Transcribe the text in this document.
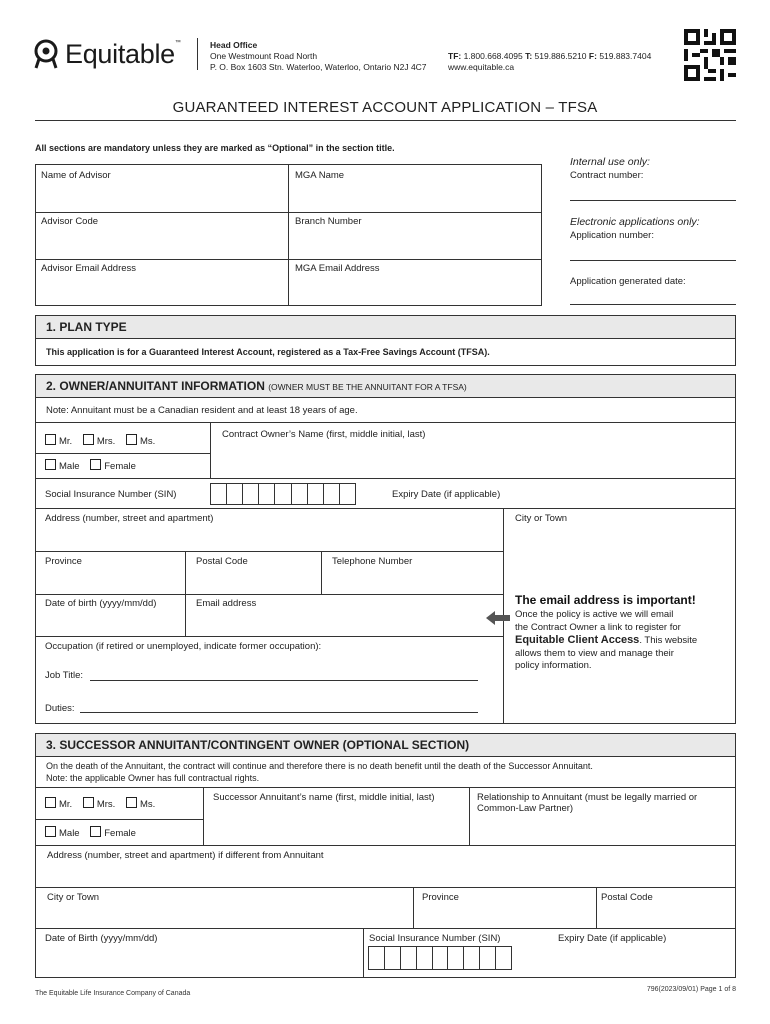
Equitable ™	Head Office
One Westmount Road North
P. O. Box 1603 Stn. Waterloo, Waterloo, Ontario N2J 4C7
TF: 1.800.668.4095 T: 519.886.5210 F: 519.883.7404
www.equitable.ca
GUARANTEED INTEREST ACCOUNT APPLICATION – TFSA
All sections are mandatory unless they are marked as “Optional” in the section title.
Name of Advisor	MGA Name
Advisor Code	Branch Number
Advisor Email Address	MGA Email Address
Internal use only:
Contract number:
Electronic applications only:
Application number:
Application generated date:
1. PLAN TYPE
This application is for a Guaranteed Interest Account, registered as a Tax-Free Savings Account (TFSA).
2. OWNER/ANNUITANT INFORMATION (OWNER MUST BE THE ANNUITANT FOR A TFSA)
Note: Annuitant must be a Canadian resident and at least 18 years of age.
Mr.	Mrs.	Ms.
Male	Female
Contract Owner’s Name (first, middle initial, last)
Social Insurance Number (SIN)	Expiry Date (if applicable)
Address (number, street and apartment)	City or Town
Province	Postal Code	Telephone Number
Date of birth (yyyy/mm/dd)	Email address	The email address is important!
Once the policy is active we will email
the Contract Owner a link to register for
Equitable Client Access. This website
allows them to view and manage their
policy information.
Occupation (if retired or unemployed, indicate former occupation):
Job Title:
Duties:
3. SUCCESSOR ANNUITANT/CONTINGENT OWNER (OPTIONAL SECTION)
On the death of the Annuitant, the contract will continue and therefore there is no death benefit until the death of the Successor Annuitant.
Note: the applicable Owner has full contractual rights.
Mr.	Mrs.	Ms.
Male	Female
Successor Annuitant’s name (first, middle initial, last)	Relationship to Annuitant (must be legally married or
Common-Law Partner)
Address (number, street and apartment) if different from Annuitant
City or Town	Province	Postal Code
Date of Birth (yyyy/mm/dd)	Social Insurance Number (SIN)	Expiry Date (if applicable)
The Equitable Life Insurance Company of Canada
796(2023/09/01) Page 1 of 8
